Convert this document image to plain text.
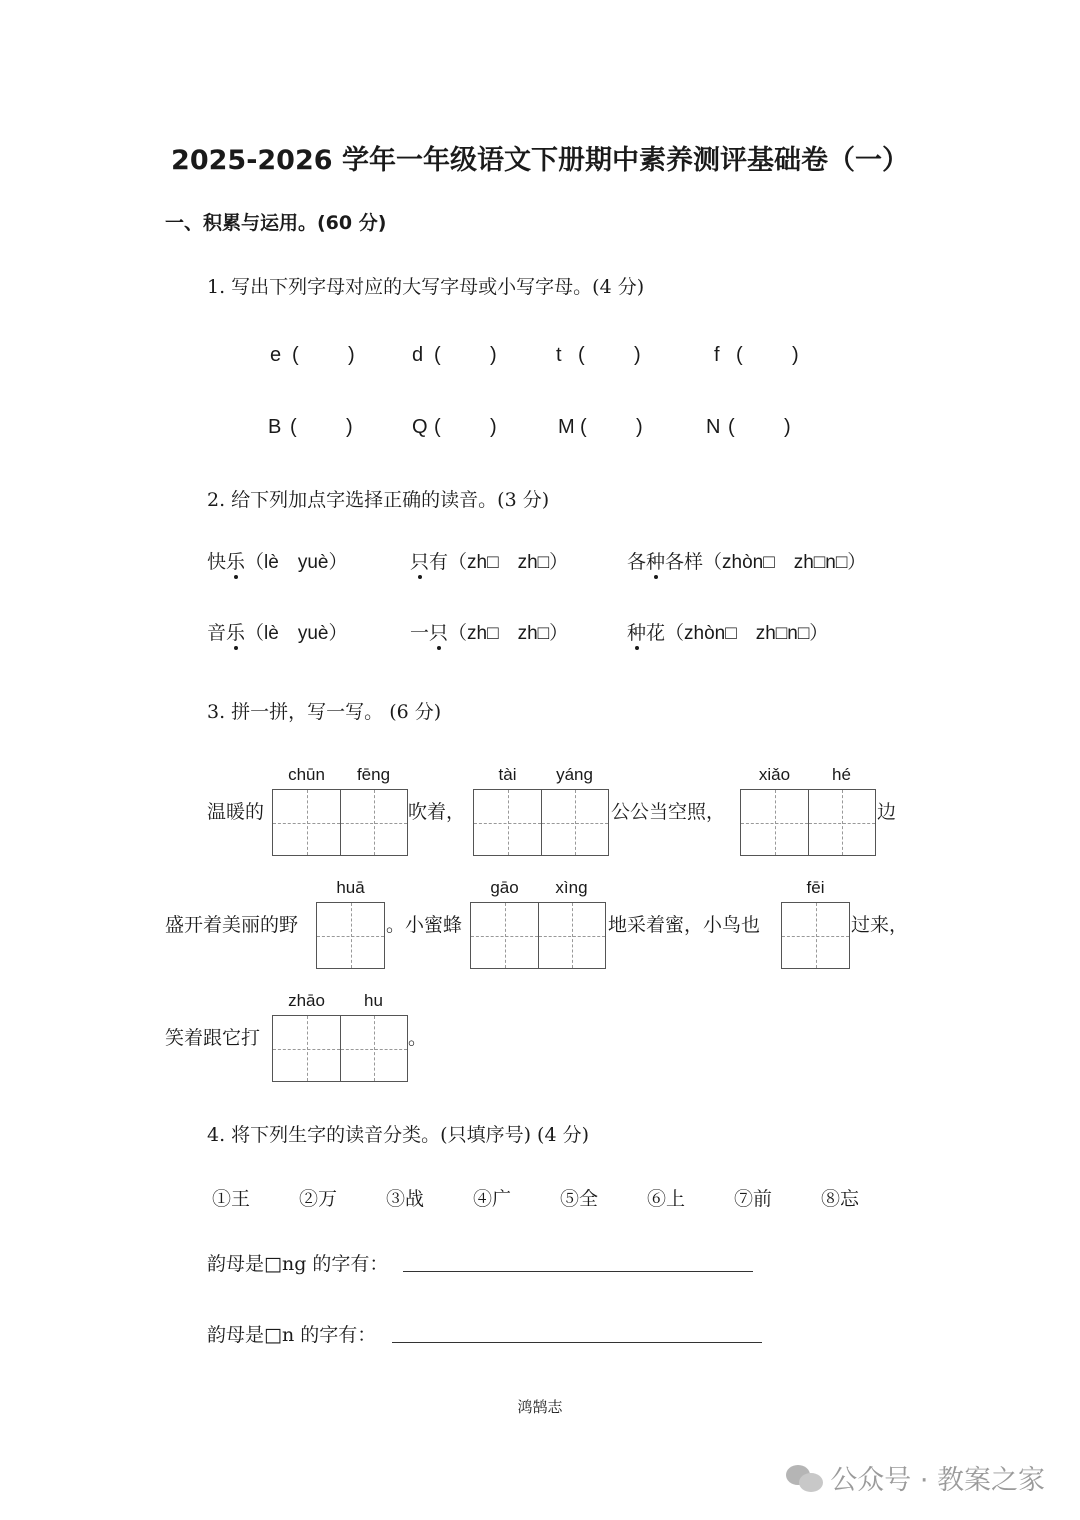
2025-2026 学年一年级语文下册期中素养测评基础卷（一）
一、积累与运用。(60 分)
1. 写出下列字母对应的大写字母或小写字母。(4 分)
e ( )	d ( )	t ( )	f ( )
B ( )	Q ( )	M ( )	N ( )
2. 给下列加点字选择正确的读音。(3 分)
快乐（lè　yuè）	只有（zh□　zh□）	各种各样（zhòn□　zh□n□）
音乐（lè　yuè）	一只（zh□　zh□）	种花（zhòn□　zh□n□）
3. 拼一拼，写一写。 (6 分)
温暖的
chūn	fēng
吹着，
tài	yáng
公公当空照，
xiǎo	hé
边
盛开着美丽的野
huā
。小蜜蜂
gāo	xìng
地采着蜜，小鸟也
fēi
过来，
笑着跟它打
zhāo	hu
。
4. 将下列生字的读音分类。(只填序号) (4 分)
①王	②万	③战	④广	⑤全	⑥上	⑦前	⑧忘
韵母是□ng 的字有：
韵母是□n 的字有：
鸿鹄志
公众号 · 教案之家
